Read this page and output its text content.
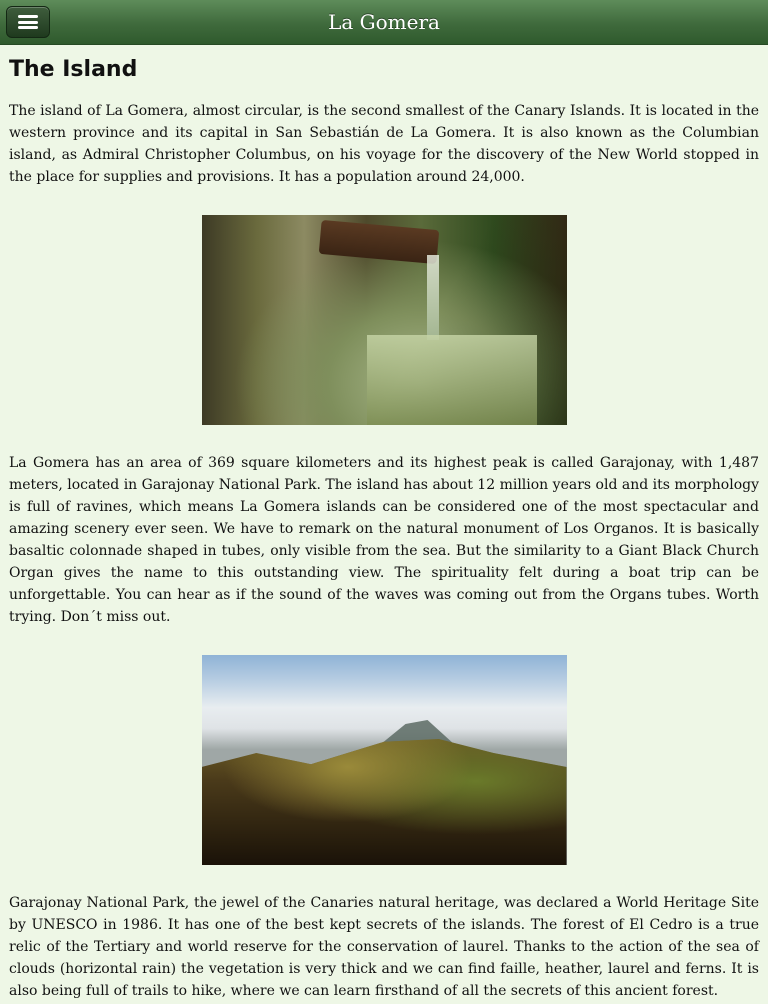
La Gomera
The Island

The island of La Gomera, almost circular, is the second smallest of the Canary Islands. It is located in the western province and its capital in San Sebastián de La Gomera. It is also known as the Columbian island, as Admiral Christopher Columbus, on his voyage for the discovery of the New World stopped in the place for supplies and provisions. It has a population around 24,000.

La Gomera has an area of 369 square kilometers and its highest peak is called Garajonay, with 1,487 meters, located in Garajonay National Park. The island has about 12 million years old and its morphology is full of ravines, which means La Gomera islands can be considered one of the most spectacular and amazing scenery ever seen. We have to remark on the natural monument of Los Organos. It is basically basaltic colonnade shaped in tubes, only visible from the sea. But the similarity to a Giant Black Church Organ gives the name to this outstanding view. The spirituality felt during a boat trip can be unforgettable. You can hear as if the sound of the waves was coming out from the Organs tubes. Worth trying. Don´t miss out.

Garajonay National Park, the jewel of the Canaries natural heritage, was declared a World Heritage Site by UNESCO in 1986. It has one of the best kept secrets of the islands. The forest of El Cedro is a true relic of the Tertiary and world reserve for the conservation of laurel. Thanks to the action of the sea of clouds (horizontal rain) the vegetation is very thick and we can find faille, heather, laurel and ferns. It is also being full of trails to hike, where we can learn firsthand of all the secrets of this ancient forest.
